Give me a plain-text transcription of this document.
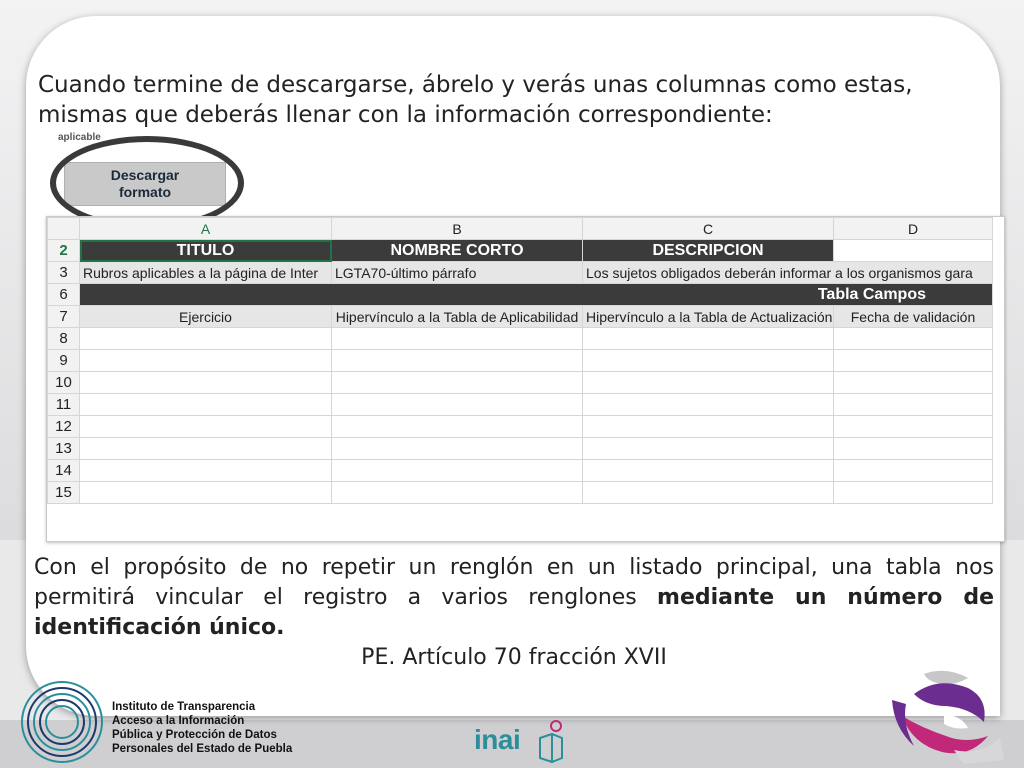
Cuando termine de descargarse, ábrelo y verás unas columnas como estas,

mismas que deberás llenar con la información correspondiente:

aplicable
Descargar
formato
	A	B	C	D
2	TITULO	NOMBRE CORTO	DESCRIPCION	
3	Rubros aplicables a la página de Inter	LGTA70-último párrafo	Los sujetos obligados deberán informar a los organismos gara	
6	Tabla Campos			
7	Ejercicio	Hipervínculo a la Tabla de Aplicabilidad	Hipervínculo a la Tabla de Actualización	Fecha de validación
8				
9				
10				
11				
12				
13				
14				
15				
Con el propósito de no repetir un renglón en un listado principal, una tabla nos permitirá vincular el registro a varios renglones mediante un número de identificación único.
PE. Artículo 70 fracción XVII
Instituto de Transparencia
Acceso a la Información
Pública y Protección de Datos
Personales del Estado de Puebla	inai
